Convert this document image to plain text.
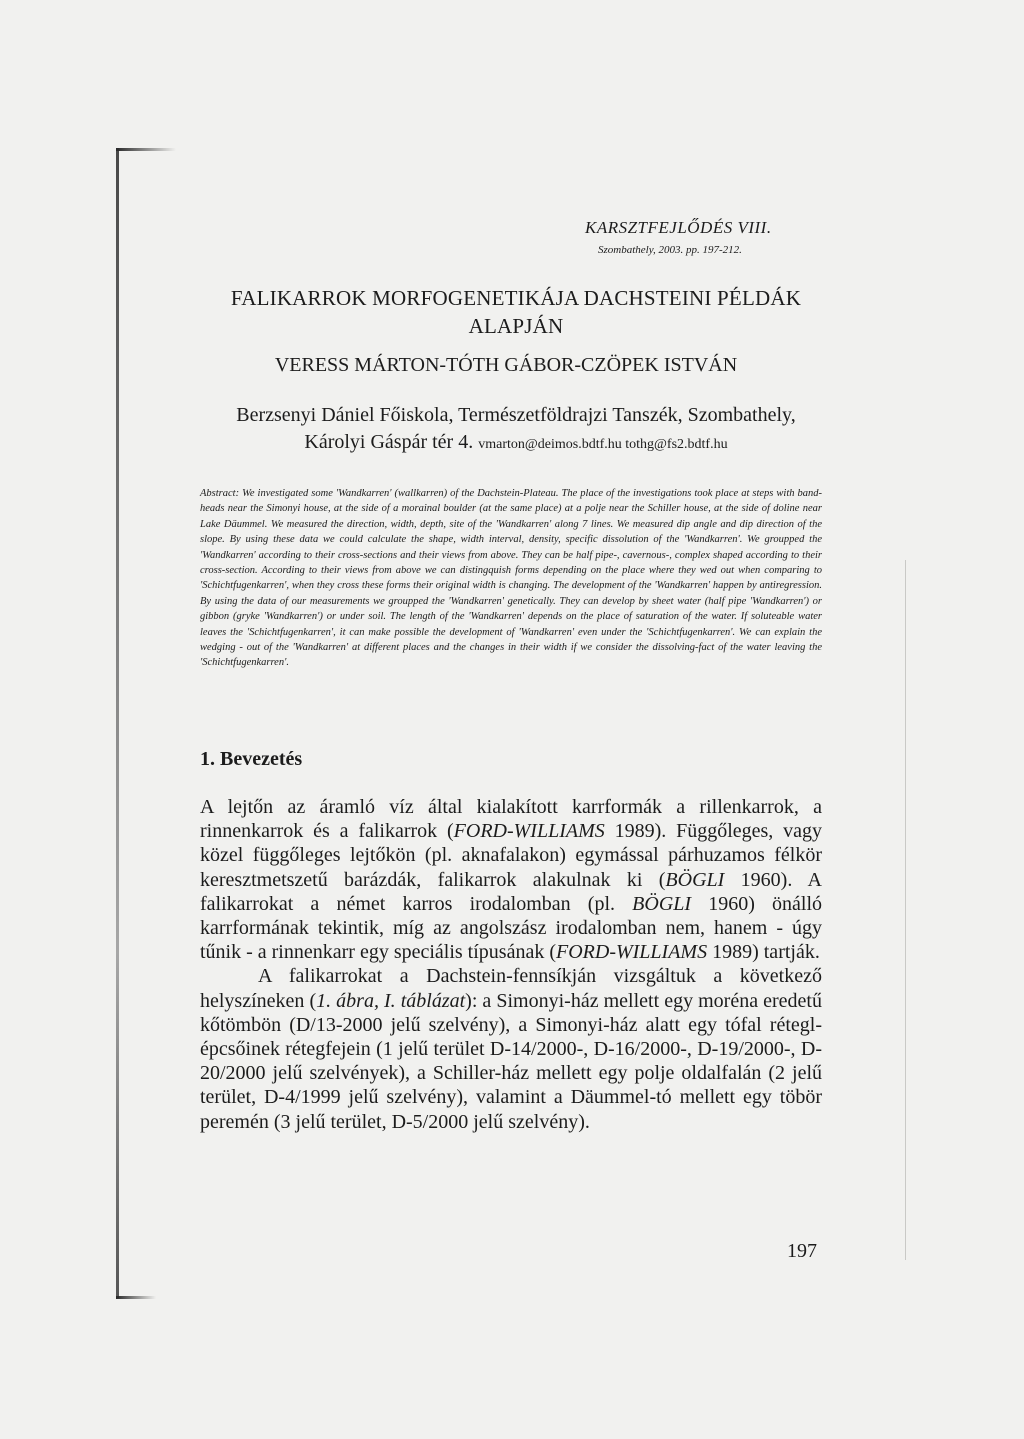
KARSZTFEJLŐDÉS VIII.
Szombathely, 2003. pp. 197-212.
FALIKARROK MORFOGENETIKÁJA DACHSTEINI PÉLDÁK ALAPJÁN
VERESS MÁRTON-TÓTH GÁBOR-CZÖPEK ISTVÁN
Berzsenyi Dániel Főiskola, Természetföldrajzi Tanszék, Szombathely,
Károlyi Gáspár tér 4. vmarton@deimos.bdtf.hu tothg@fs2.bdtf.hu
Abstract: We investigated some 'Wandkarren' (wallkarren) of the Dachstein-Plateau. The place of the investigations took place at steps with band-heads near the Simonyi house, at the side of a morainal boulder (at the same place) at a polje near the Schiller house, at the side of doline near Lake Däummel. We measured the direction, width, depth, site of the 'Wandkarren' along 7 lines. We measured dip angle and dip direction of the slope. By using these data we could calculate the shape, width interval, density, specific dissolution of the 'Wandkarren'. We groupped the 'Wandkarren' according to their cross-sections and their views from above. They can be half pipe-, cavernous-, complex shaped according to their cross-section. According to their views from above we can distingquish forms depending on the place where they wed out when comparing to 'Schichtfugenkarren', when they cross these forms their original width is changing. The development of the 'Wandkarren' happen by antiregression. By using the data of our measurements we groupped the 'Wandkarren' genetically. They can develop by sheet water (half pipe 'Wandkarren') or gibbon (gryke 'Wandkarren') or under soil. The length of the 'Wandkarren' depends on the place of saturation of the water. If soluteable water leaves the 'Schichtfugenkarren', it can make possible the development of 'Wandkarren' even under the 'Schichtfugenkarren'. We can explain the wedging - out of the 'Wandkarren' at different places and the changes in their width if we consider the dissolving-fact of the water leaving the 'Schichtfugenkarren'.
1. Bevezetés

A lejtőn az áramló víz által kialakított karrformák a rillenkarrok, a rinnenkarrok és a falikarrok (FORD-WILLIAMS 1989). Függőleges, vagy közel függőleges lejtőkön (pl. aknafalakon) egymással párhuzamos félkör keresztmetszetű barázdák, falikarrok alakulnak ki (BÖGLI 1960). A falikarrokat a német karros irodalomban (pl. BÖGLI 1960) önálló karrformának tekintik, míg az angolszász irodalomban nem, hanem - úgy tűnik - a rinnenkarr egy speciális típusának (FORD-WILLIAMS 1989) tartják.

A falikarrokat a Dachstein-fennsíkján vizsgáltuk a következő helyszíneken (1. ábra, I. táblázat): a Simonyi-ház mellett egy moréna eredetű kőtömbön (D/13-2000 jelű szelvény), a Simonyi-ház alatt egy tófal réteglépcsőinek rétegfejein (1 jelű terület D-14/2000-, D-16/2000-, D-19/2000-, D-20/2000 jelű szelvények), a Schiller-ház mellett egy polje oldalfalán (2 jelű terület, D-4/1999 jelű szelvény), valamint a Däummel-tó mellett egy töbör peremén (3 jelű terület, D-5/2000 jelű szelvény).

197
